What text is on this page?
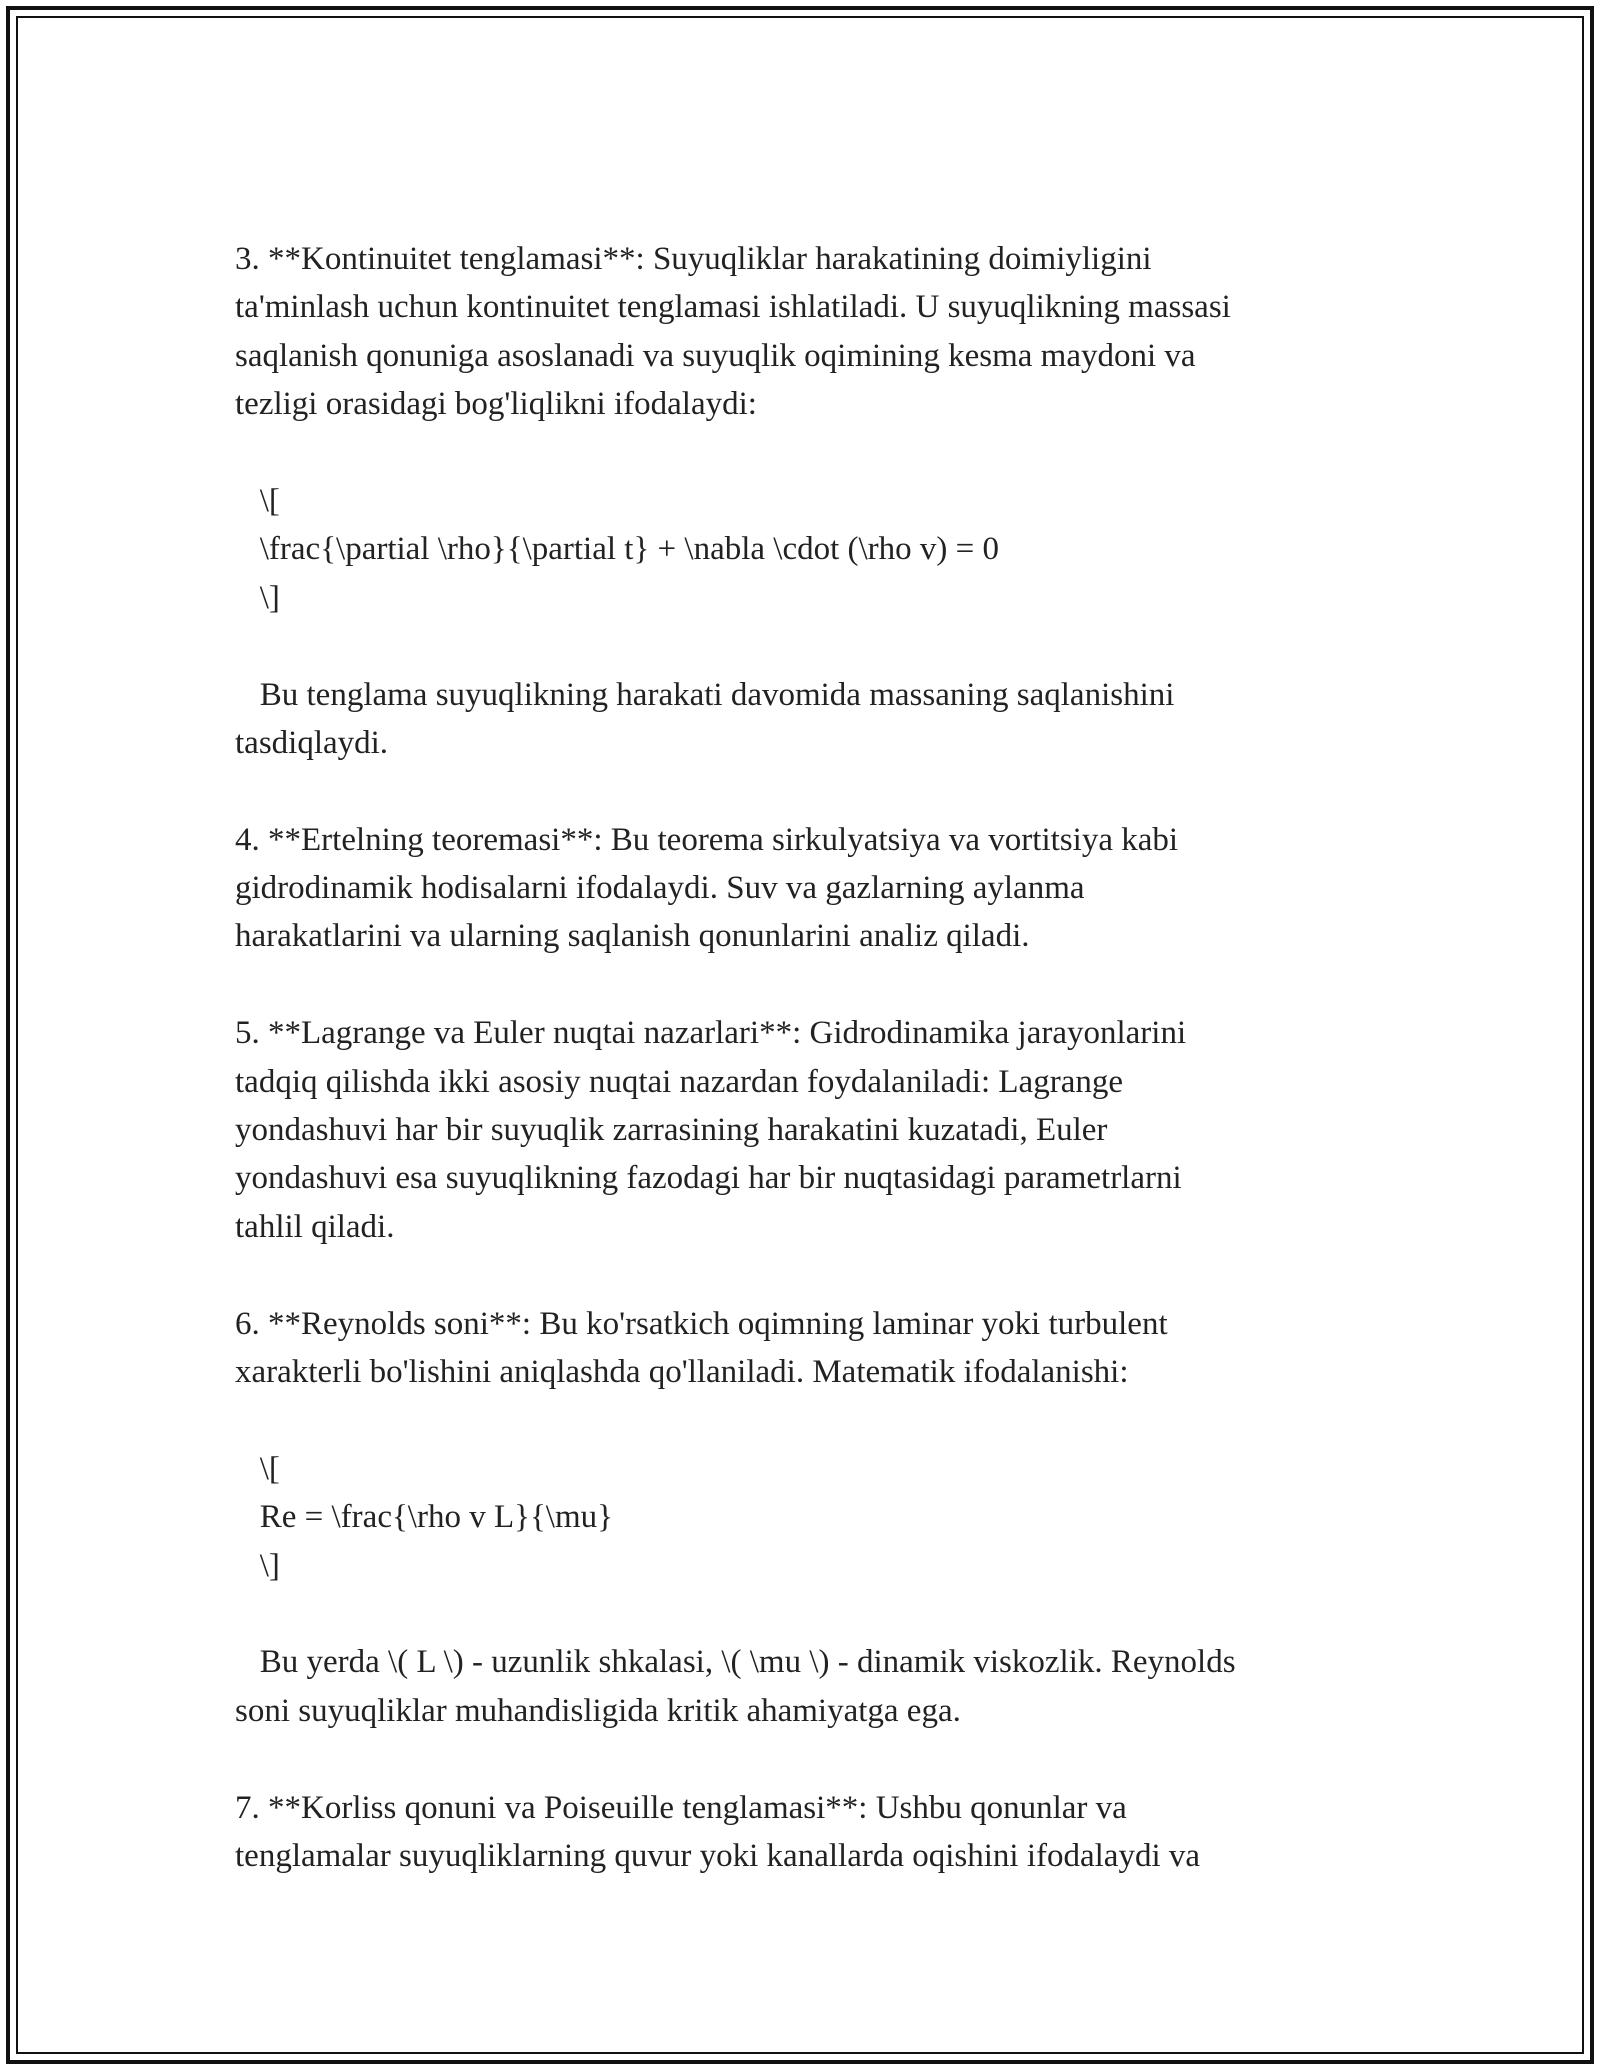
3. **Kontinuitet tenglamasi**: Suyuqliklar harakatining doimiyligini
ta'minlash uchun kontinuitet tenglamasi ishlatiladi. U suyuqlikning massasi
saqlanish qonuniga asoslanadi va suyuqlik oqimining kesma maydoni va
tezligi orasidagi bog'liqlikni ifodalaydi:
\[
\frac{\partial \rho}{\partial t} + \nabla \cdot (\rho v) = 0
\]
Bu tenglama suyuqlikning harakati davomida massaning saqlanishini
tasdiqlaydi.
4. **Ertelning teoremasi**: Bu teorema sirkulyatsiya va vortitsiya kabi
gidrodinamik hodisalarni ifodalaydi. Suv va gazlarning aylanma
harakatlarini va ularning saqlanish qonunlarini analiz qiladi.
5. **Lagrange va Euler nuqtai nazarlari**: Gidrodinamika jarayonlarini
tadqiq qilishda ikki asosiy nuqtai nazardan foydalaniladi: Lagrange
yondashuvi har bir suyuqlik zarrasining harakatini kuzatadi, Euler
yondashuvi esa suyuqlikning fazodagi har bir nuqtasidagi parametrlarni
tahlil qiladi.
6. **Reynolds soni**: Bu ko'rsatkich oqimning laminar yoki turbulent
xarakterli bo'lishini aniqlashda qo'llaniladi. Matematik ifodalanishi:
\[
Re = \frac{\rho v L}{\mu}
\]
Bu yerda \( L \) - uzunlik shkalasi, \( \mu \) - dinamik viskozlik. Reynolds
soni suyuqliklar muhandisligida kritik ahamiyatga ega.
7. **Korliss qonuni va Poiseuille tenglamasi**: Ushbu qonunlar va
tenglamalar suyuqliklarning quvur yoki kanallarda oqishini ifodalaydi va
